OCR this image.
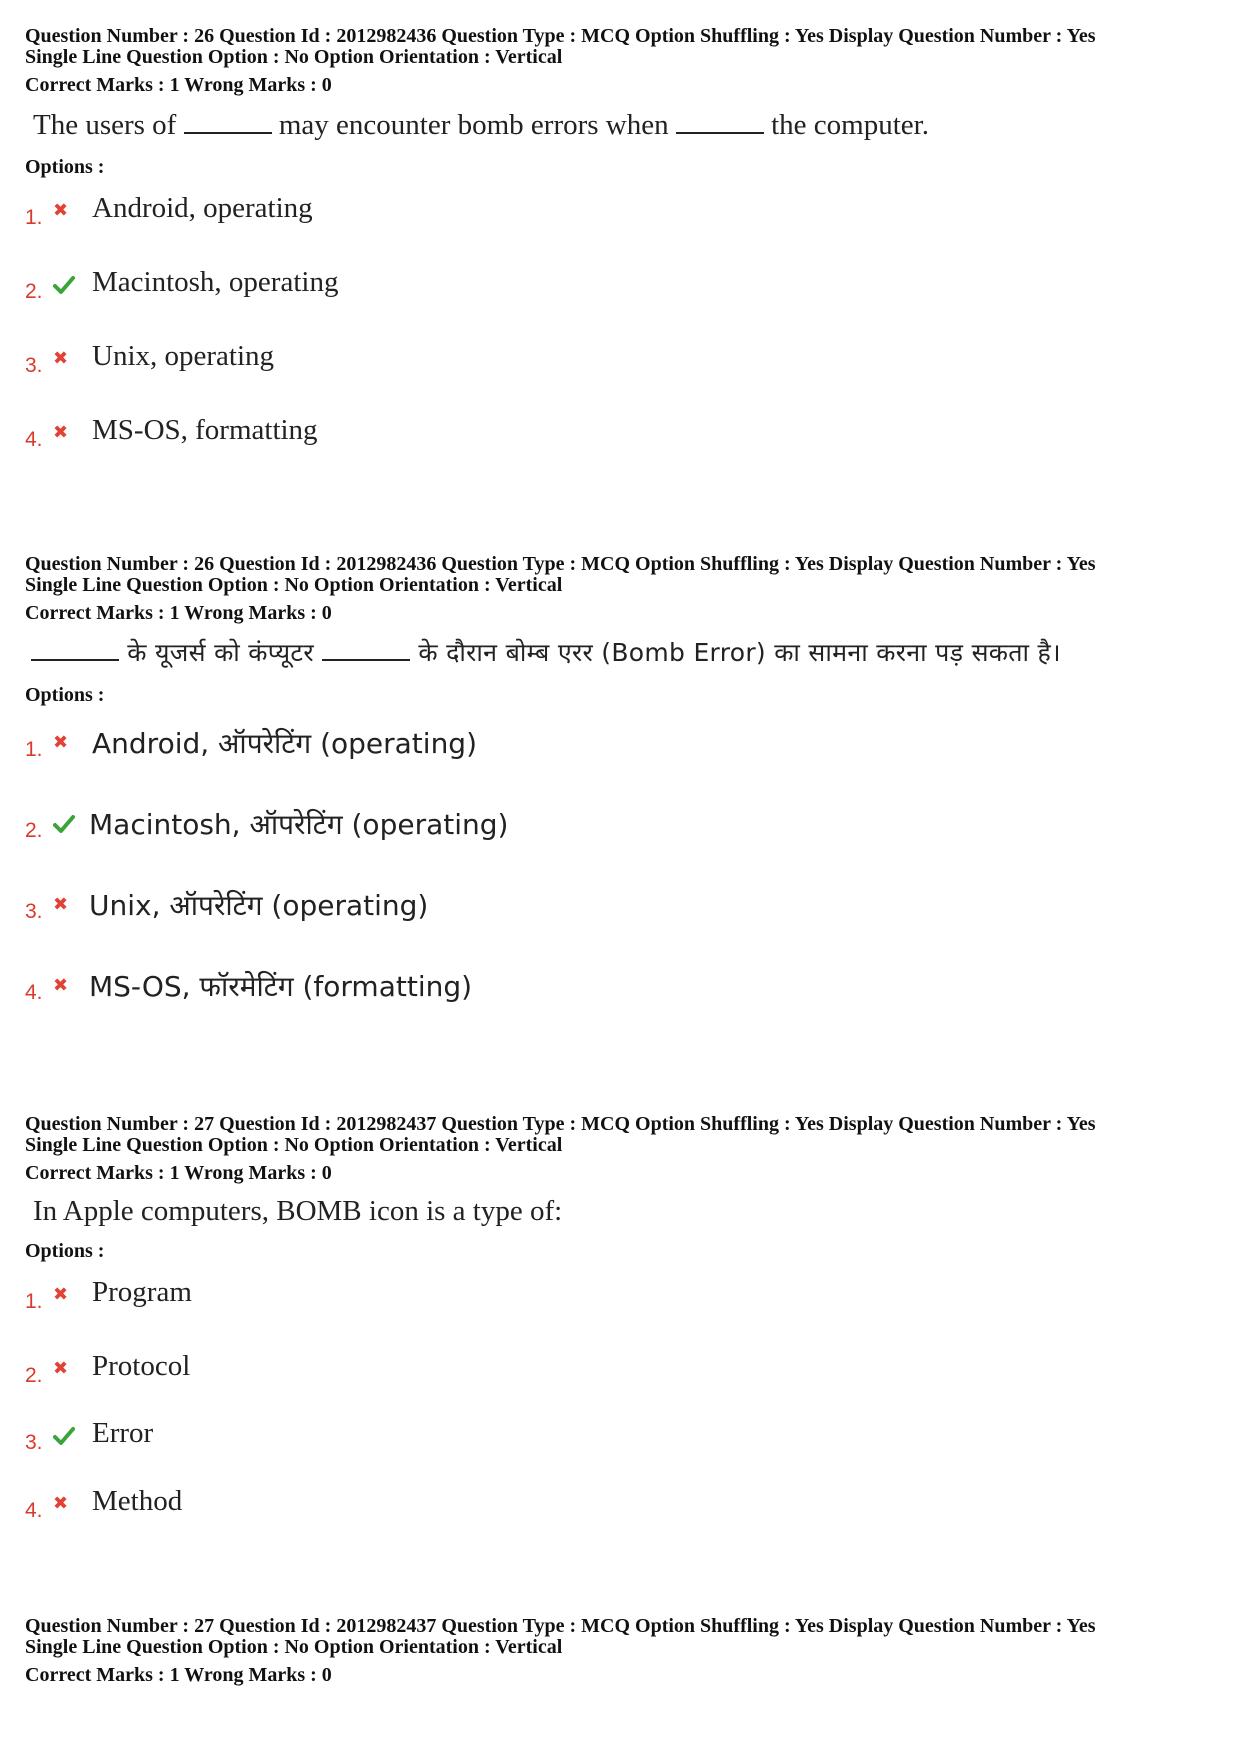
Question Number : 26 Question Id : 2012982436 Question Type : MCQ Option Shuffling : Yes Display Question Number : Yes
Single Line Question Option : No Option Orientation : Vertical
Correct Marks : 1 Wrong Marks : 0
The users of	may encounter bomb errors when	the computer.
Options :
1. ✖ Android, operating
2. Macintosh, operating
3. ✖ Unix, operating
4. ✖ MS-OS, formatting
Question Number : 26 Question Id : 2012982436 Question Type : MCQ Option Shuffling : Yes Display Question Number : Yes
Single Line Question Option : No Option Orientation : Vertical
Correct Marks : 1 Wrong Marks : 0
के यूजर्स को कंप्यूटर	के दौरान बोम्ब एरर (Bomb Error) का सामना करना पड़ सकता है।
Options :
1. ✖ Android, ऑपरेटिंग (operating)
2. Macintosh, ऑपरेटिंग (operating)
3. ✖ Unix, ऑपरेटिंग (operating)
4. ✖ MS-OS, फॉरमेटिंग (formatting)
Question Number : 27 Question Id : 2012982437 Question Type : MCQ Option Shuffling : Yes Display Question Number : Yes
Single Line Question Option : No Option Orientation : Vertical
Correct Marks : 1 Wrong Marks : 0
In Apple computers, BOMB icon is a type of:
Options :
1. ✖ Program
2. ✖ Protocol
3. Error
4. ✖ Method
Question Number : 27 Question Id : 2012982437 Question Type : MCQ Option Shuffling : Yes Display Question Number : Yes
Single Line Question Option : No Option Orientation : Vertical
Correct Marks : 1 Wrong Marks : 0
